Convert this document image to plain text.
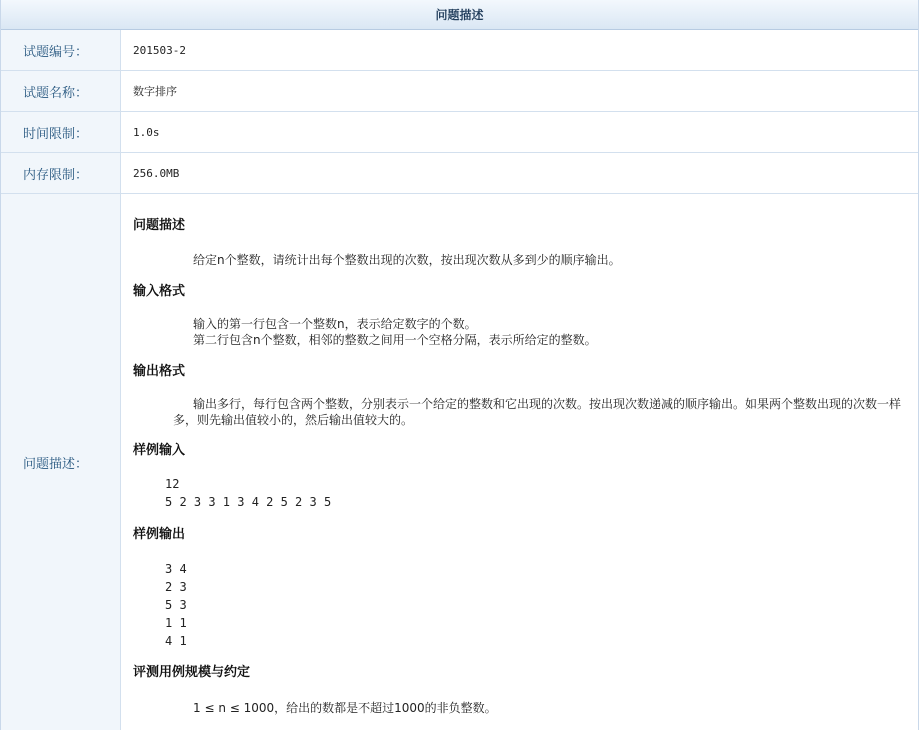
问题描述
试题编号：	201503-2
试题名称：	数字排序
时间限制：	1.0s
内存限制：	256.0MB
问题描述：
问题描述
给定n个整数，请统计出每个整数出现的次数，按出现次数从多到少的顺序输出。
输入格式
输入的第一行包含一个整数n，表示给定数字的个数。
第二行包含n个整数，相邻的整数之间用一个空格分隔，表示所给定的整数。
输出格式
输出多行，每行包含两个整数，分别表示一个给定的整数和它出现的次数。按出现次数递减的顺序输出。如果两个整数出现的次数一样多，则先输出值较小的，然后输出值较大的。
样例输入
12
5 2 3 3 1 3 4 2 5 2 3 5
样例输出
3 4
2 3
5 3
1 1
4 1
评测用例规模与约定
1 ≤ n ≤ 1000，给出的数都是不超过1000的非负整数。
